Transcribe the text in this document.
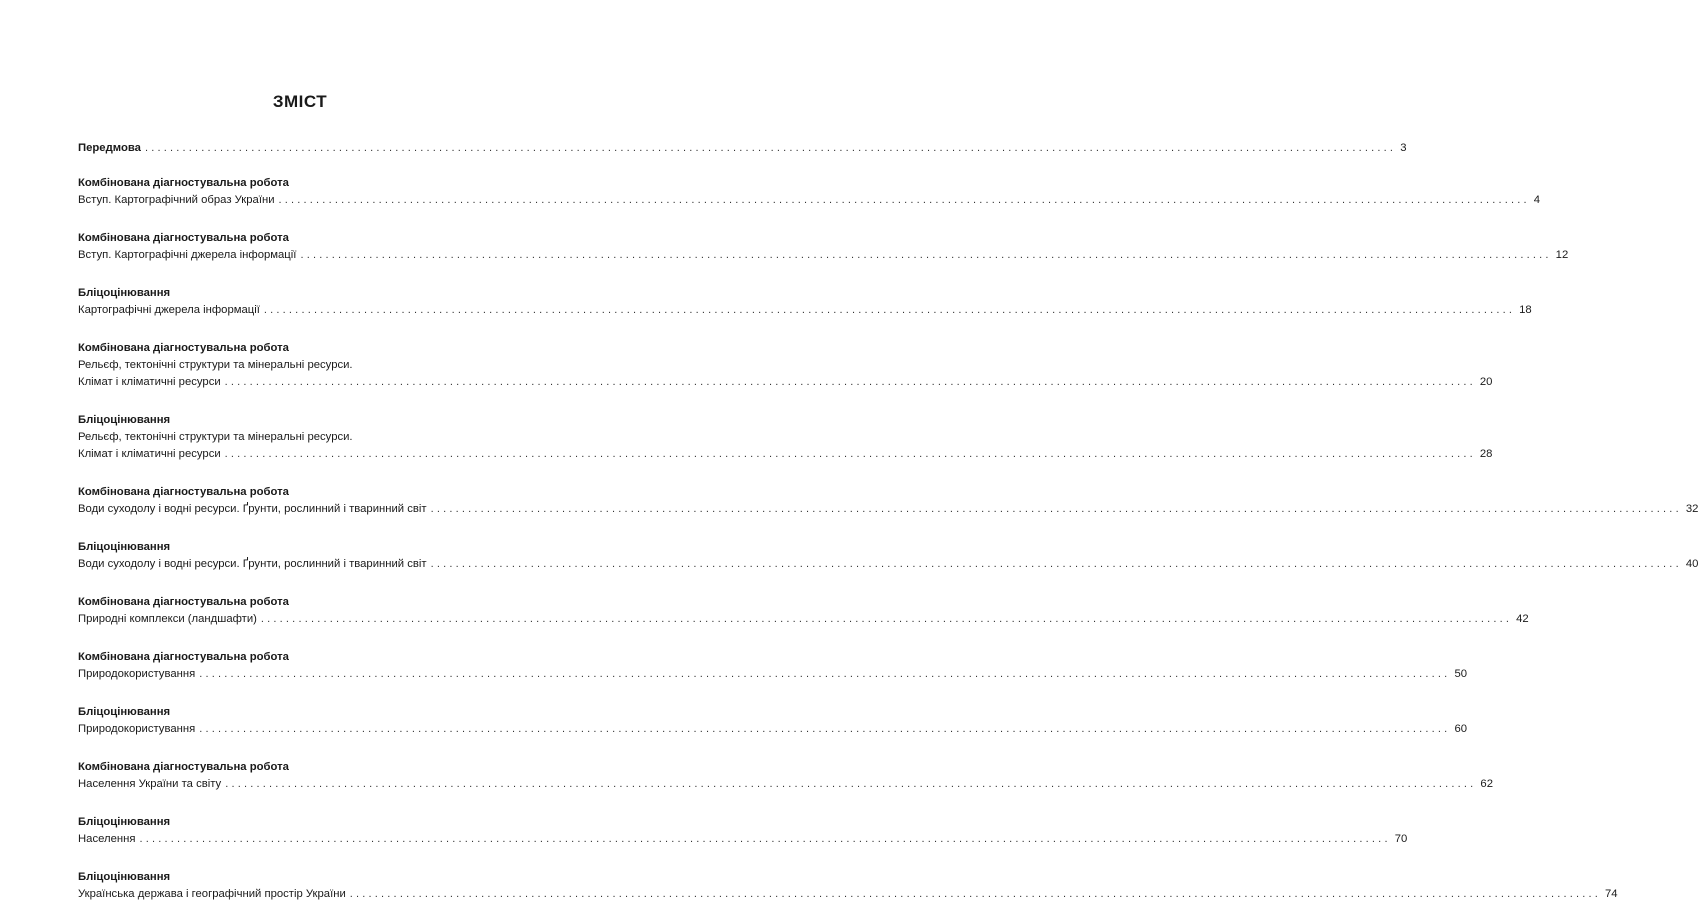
ЗМІСТ
Передмова ........................................................................................................................................................................................................ 3
Комбінована діагностувальна робота
Вступ. Картографічний образ України ........................................................................................................................................................................................................ 4
Комбінована діагностувальна робота
Вступ. Картографічні джерела інформації ........................................................................................................................................................................................................ 12
Бліцоцінювання
Картографічні джерела інформації ........................................................................................................................................................................................................ 18
Комбінована діагностувальна робота
Рельєф, тектонічні структури та мінеральні ресурси.
Клімат і кліматичні ресурси ........................................................................................................................................................................................................ 20
Бліцоцінювання
Рельєф, тектонічні структури та мінеральні ресурси.
Клімат і кліматичні ресурси ........................................................................................................................................................................................................ 28
Комбінована діагностувальна робота
Води суходолу і водні ресурси. Ґрунти, рослинний і тваринний світ ........................................................................................................................................................................................................ 32
Бліцоцінювання
Води суходолу і водні ресурси. Ґрунти, рослинний і тваринний світ ........................................................................................................................................................................................................ 40
Комбінована діагностувальна робота
Природні комплекси (ландшафти) ........................................................................................................................................................................................................ 42
Комбінована діагностувальна робота
Природокористування ........................................................................................................................................................................................................ 50
Бліцоцінювання
Природокористування ........................................................................................................................................................................................................ 60
Комбінована діагностувальна робота
Населення України та світу ........................................................................................................................................................................................................ 62
Бліцоцінювання
Населення ........................................................................................................................................................................................................ 70
Бліцоцінювання
Українська держава і географічний простір України ........................................................................................................................................................................................................ 74
